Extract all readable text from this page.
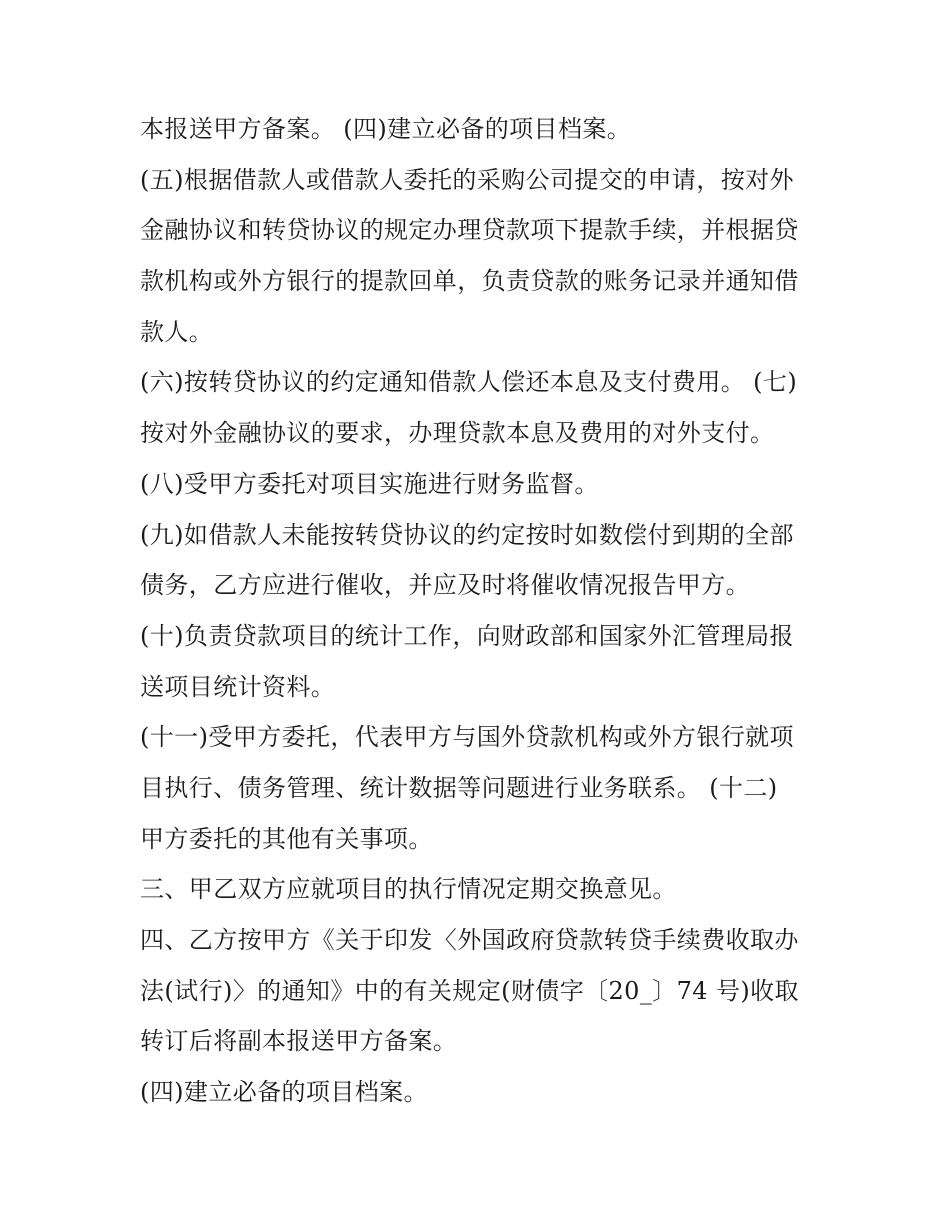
本报送甲方备案。 (四)建立必备的项目档案。
(五)根据借款人或借款人委托的采购公司提交的申请，按对外
金融协议和转贷协议的规定办理贷款项下提款手续，并根据贷
款机构或外方银行的提款回单，负责贷款的账务记录并通知借
款人。
(六)按转贷协议的约定通知借款人偿还本息及支付费用。 (七)
按对外金融协议的要求，办理贷款本息及费用的对外支付。
(八)受甲方委托对项目实施进行财务监督。
(九)如借款人未能按转贷协议的约定按时如数偿付到期的全部
债务，乙方应进行催收，并应及时将催收情况报告甲方。
(十)负责贷款项目的统计工作，向财政部和国家外汇管理局报
送项目统计资料。
(十一)受甲方委托，代表甲方与国外贷款机构或外方银行就项
目执行、债务管理、统计数据等问题进行业务联系。 (十二)
甲方委托的其他有关事项。
三、甲乙双方应就项目的执行情况定期交换意见。
四、乙方按甲方《关于印发〈外国政府贷款转贷手续费收取办
法(试行)〉的通知》中的有关规定(财债字〔20_〕74 号)收取
转订后将副本报送甲方备案。
(四)建立必备的项目档案。
